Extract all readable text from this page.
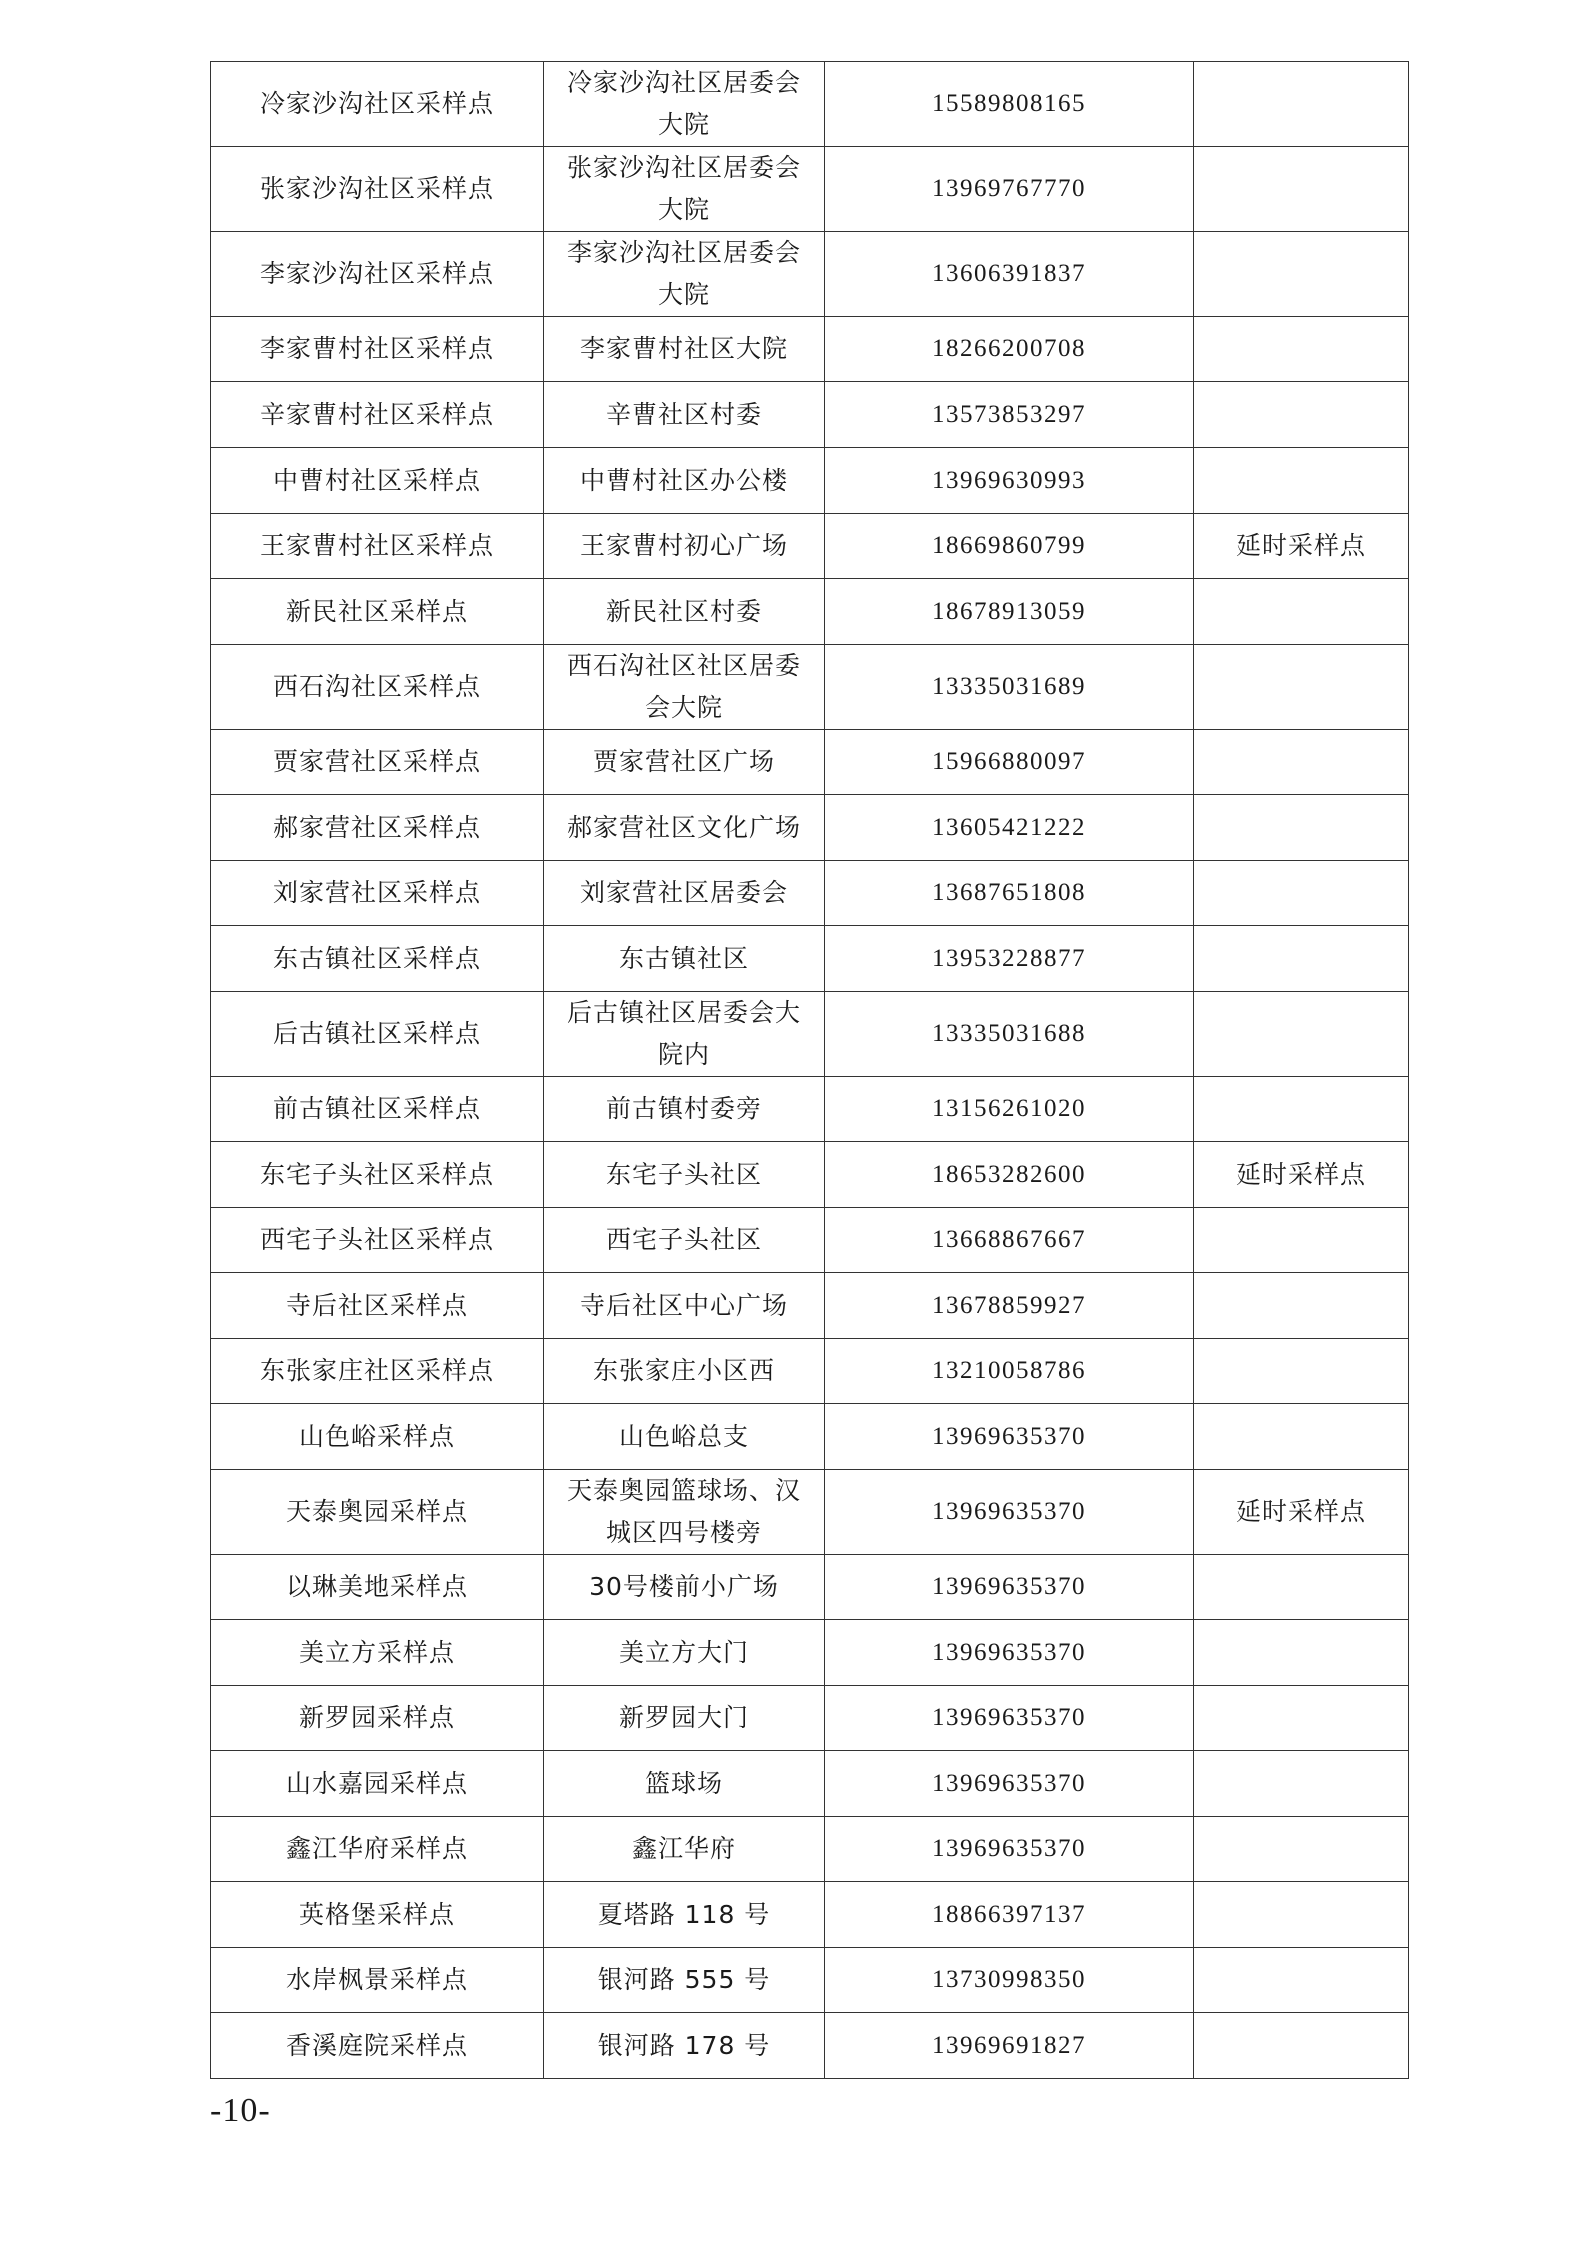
冷家沙沟社区采样点	冷家沙沟社区居委会大院	15589808165	
张家沙沟社区采样点	张家沙沟社区居委会大院	13969767770	
李家沙沟社区采样点	李家沙沟社区居委会大院	13606391837	
李家曹村社区采样点	李家曹村社区大院	18266200708	
辛家曹村社区采样点	辛曹社区村委	13573853297	
中曹村社区采样点	中曹村社区办公楼	13969630993	
王家曹村社区采样点	王家曹村初心广场	18669860799	延时采样点
新民社区采样点	新民社区村委	18678913059	
西石沟社区采样点	西石沟社区社区居委会大院	13335031689	
贾家营社区采样点	贾家营社区广场	15966880097	
郝家营社区采样点	郝家营社区文化广场	13605421222	
刘家营社区采样点	刘家营社区居委会	13687651808	
东古镇社区采样点	东古镇社区	13953228877	
后古镇社区采样点	后古镇社区居委会大院内	13335031688	
前古镇社区采样点	前古镇村委旁	13156261020	
东宅子头社区采样点	东宅子头社区	18653282600	延时采样点
西宅子头社区采样点	西宅子头社区	13668867667	
寺后社区采样点	寺后社区中心广场	13678859927	
东张家庄社区采样点	东张家庄小区西	13210058786	
山色峪采样点	山色峪总支	13969635370	
天泰奥园采样点	天泰奥园篮球场、汉城区四号楼旁	13969635370	延时采样点
以琳美地采样点	30号楼前小广场	13969635370	
美立方采样点	美立方大门	13969635370	
新罗园采样点	新罗园大门	13969635370	
山水嘉园采样点	篮球场	13969635370	
鑫江华府采样点	鑫江华府	13969635370	
英格堡采样点	夏塔路 118 号	18866397137	
水岸枫景采样点	银河路 555 号	13730998350	
香溪庭院采样点	银河路 178 号	13969691827	
-10-
